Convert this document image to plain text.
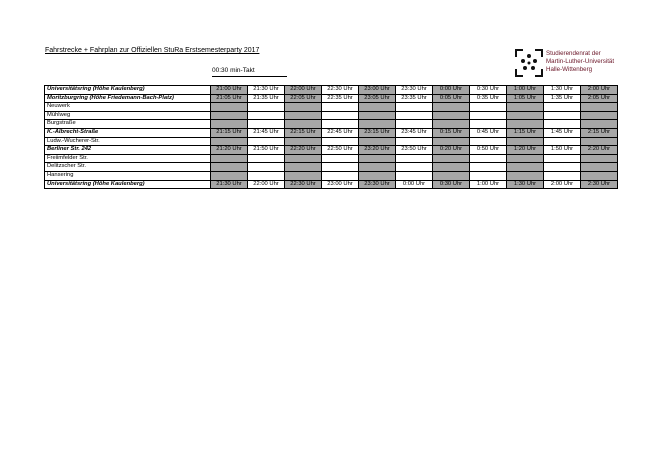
Fahrstrecke + Fahrplan zur Offiziellen StuRa Erstsemesterparty 2017
00:30 min-Takt
Studierendenrat der
Martin-Luther-Universität
Halle-Wittenberg
Universitätsring (Höhe Kaulenberg)	21:00 Uhr	21:30 Uhr	22:00 Uhr	22:30 Uhr	23:00 Uhr	23:30 Uhr	0:00 Uhr	0:30 Uhr	1:00 Uhr	1:30 Uhr	2:00 Uhr
Moritzburgring (Höhe Friedemann-Bach-Platz)	21:05 Uhr	21:35 Uhr	22:05 Uhr	22:35 Uhr	23:05 Uhr	23:35 Uhr	0:05 Uhr	0:35 Uhr	1:05 Uhr	1:35 Uhr	2:05 Uhr
Neuwerk											
Mühlweg											
Burgstraße											
K.-Albrecht-Straße	21:15 Uhr	21:45 Uhr	22:15 Uhr	22:45 Uhr	23:15 Uhr	23:45 Uhr	0:15 Uhr	0:45 Uhr	1:15 Uhr	1:45 Uhr	2:15 Uhr
Ludw.-Wucherer-Str.											
Berliner Str. 242	21:20 Uhr	21:50 Uhr	22:20 Uhr	22:50 Uhr	23:20 Uhr	23:50 Uhr	0:20 Uhr	0:50 Uhr	1:20 Uhr	1:50 Uhr	2:20 Uhr
Freiimfelder Str.											
Delitzscher Str.											
Hansering											
Universitätsring (Höhe Kaulenberg)	21:30 Uhr	22:00 Uhr	22:30 Uhr	23:00 Uhr	23:30 Uhr	0:00 Uhr	0:30 Uhr	1:00 Uhr	1:30 Uhr	2:00 Uhr	2:30 Uhr
